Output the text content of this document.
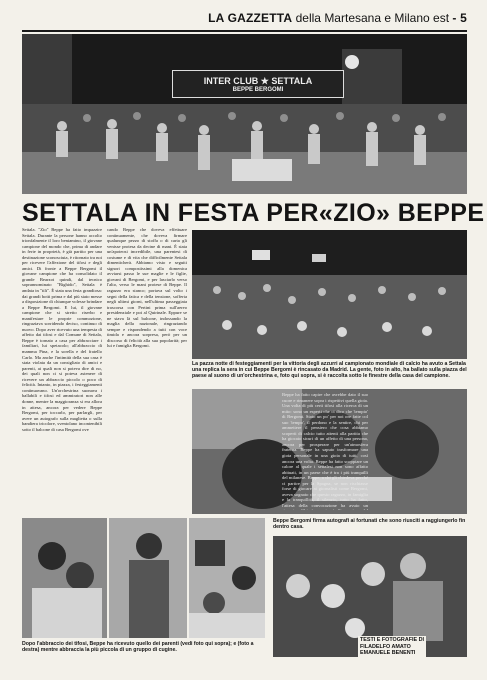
LA GAZZETTA della Martesana e Milano est - 5
INTER CLUB ★ SETTALA
BEPPE BERGOMI
SETTALA IN FESTA PER«ZIO» BEPPE
Settala. "Zio" Beppe ha fatto impazzire Settala. Durante la persone hanno accolto trionfalmente il loro beniamino, il giovane campione del mondo che, prima di andare in ferie in proprietà, è già partito per una destinazione sconosciuta, è ritornato tra noi per ricevere l'affezione del tifosi e degli amici. Di fronte a Beppe Bergomi il giovane campione che ha consolidato il grande Bearzot quindi, dal tecnico soprannominato "Bighido", Settala è andata in "tilt". È stata una festa grandiosa: dai grandi botti prima e dal più stato messe a disposizione di chiunque volesse brindare a Beppe Bergomi. E lui, il giovane campione che si stretto riserbo e manifestare le proprie commozione, ringraziava sorridendo deciso, continuo di nuovo. Dopo aver ricevuto una tempesta di affetto dai tifosi e dal Comune di Settala, Beppe è tornato a casa per abbracciare i familiari, lui spetacolo; all'abbraccio di mamma Pina, e la sorella e del fratello Carlo. Ma anche l'intimità della sua casa è stata violata da un consigliato di amici e parenti, ai quali non si poteva dire di no, dei quali non ci si poteva astenere di ricevere un abbraccio piccolo o poco di felicità. Intanto, in piazza, i festeggiamenti continuavano. Un'orchestrina suonava i ballabili e tifosi ed ammiratori non alle donne, mentre la maggioranza si era allora in attesa, ancora per vedere Beppe Bergomi, per toccarlo, per parlargli, per avere un autografo sulla maglietta o sulla bandiera tricolore, sventolano incontenibili sotto il balcone di casa Bergomi ove
cando Beppe che doveva effettuare continuamente, che doveva firmare qualunque pezzo di stoffa o di carta gli venisse protesa da decine di mani. È stata un'apoteosi incredibile, una parentesi di costume e di vita che difficilmente Settala dimenticherà. Abbiamo visto e seguiti signori compostissimi alla domenica avviarsi passo le sue maglie e le figlie, giovani di Bergomi, e per lasciarlo verso l'alto, verso le mani protese di Beppe. Il ragazzo era stanco; portava sul volto i segni della fatica e della tensione, sofferta negli ultimi giorni, nell'ultima passeggiata trascorsa con Pertini prima sull'aereo presidenziale e poi al Quirinale. Eppure se ne stava là sul balcone, indossando la maglia della nazionale, ringraziando sempre e rispondendo a tutti con voce timida e ancora sorpresa, però per un discorso di felicità alla sua popolarità; per lui e famiglia Bergomi.
La pazza notte di festeggiamenti per la vittoria degli azzurri al campionato mondiale di calcio ha avuto a Settala una replica la sera in cui Beppe Bergomi è rincasato da Madrid. La gente, foto in alto, ha ballato sulla piazza del paese al suono di un'orchestrina e, foto qui sopra, si è raccolta sotto le finestre della casa del campione.
Beppe ha fatto capire che avrebbe dato il suo cuore e rimanere sopra i rispettivi quella gioia. Una volta di più certi tifosi alla ricerca di un mito: sono un esperti che ci dico che 'tempio' di Bergomi. Stato un po' per noi ore fatte col suo 'tempo', il perdono e la sentire, chi per ammettere il pensiero che cosa abbiamo scoperti di calcio tutto attenti alla partita che ha giocato sicuri di un affetto di una persona, ancora per prosperare per un'atmosfera fraterna. Beppe ha saputo trasformare una gioia personale in una gioia di tutti, così ancora una volta. Beppe ha fatto scoppiare un calore al quale i settalesi non sono affatto abituati, in un paese che è tra i più tranquilli del milanese. Beppe, a chi gli chiedeva perché ci partire per la Spagna, se non rischiasse forse di giocare ai giornalisti come Bergomi, aveva sognato che questo ragazzo, in famiglia e la tranquillità, il silenzio, tutto ha fatto, l'attesa della convocazione ha avuto un
Beppe Bergomi firma autografi ai fortunati che sono riusciti a raggiungerlo fin dentro casa.
TESTI E FOTOGRAFIE DI
FILADELFO AMATO
EMANUELE BENENTI
Dopo l'abbraccio dei tifosi, Beppe ha ricevuto quello dei parenti (vedi foto qui sopra); e (foto a destra) mentre abbraccia la più piccola di un gruppo di cugine.
